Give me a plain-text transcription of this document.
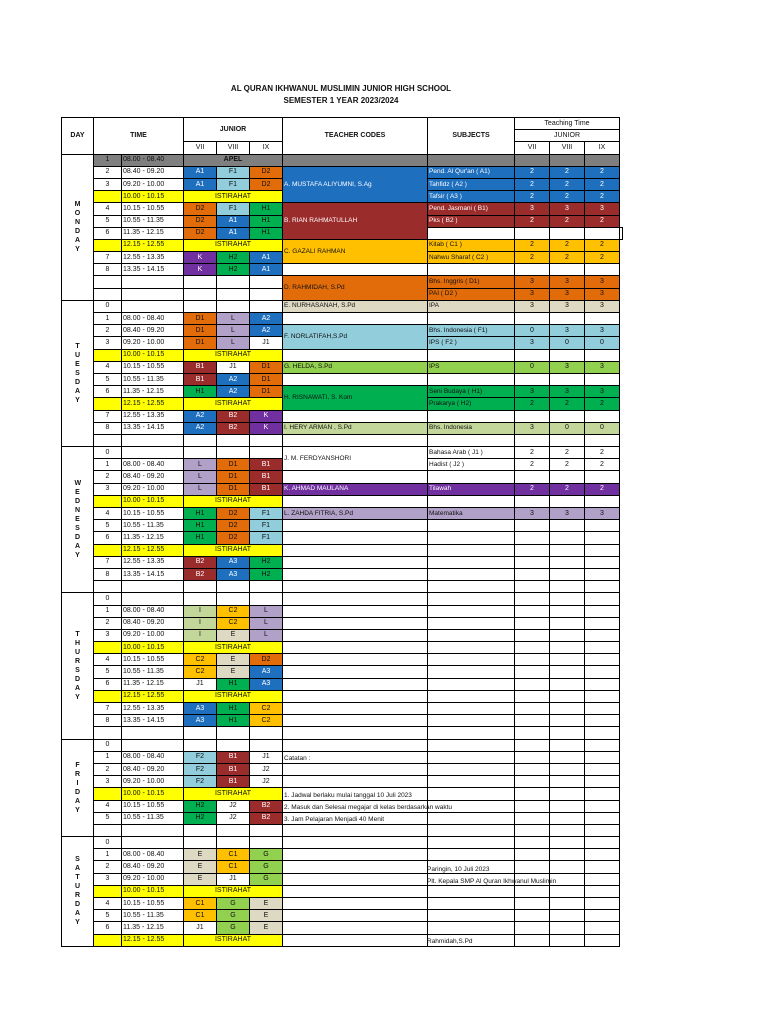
AL QURAN IKHWANUL MUSLIMIN JUNIOR HIGH SCHOOL
SEMESTER 1 YEAR 2023/2024
DAY	TIME		JUNIOR			TEACHER CODES	SUBJECTS	Teaching Time			
								JUNIOR			
			VII	VIII	IX			VII	VIII	IX	
MONDAY	1	08.00 - 08.40	APEL								
	2	08.40 - 09.20	A1	F1	D2	A. MUSTAFA ALIYUMNI, S.Ag	Pend. Al Qur'an ( A1)	2	2	2	
	3	09.20 - 10.00	A1	F1	D2		Tahfidz ( A2 )	2	2	2	
		10.00 - 10.15	ISTIRAHAT				Tafsir ( A3 )	2	2	2	
	4	10.15 - 10.55	D2	F1	H1	B. RIAN RAHMATULLAH	Pend. Jasmani ( B1)	3	3	3	
	5	10.55 - 11.35	D2	A1	H1		Pks ( B2 )	2	2	2	
	6	11.35 - 12.15	D2	A1	H1						
		12.15 - 12.55	ISTIRAHAT			C. GAZALI RAHMAN	Kitab ( C1 )	2	2	2	
	7	12.55 - 13.35	K	H2	A1		Nahwu Sharaf ( C2 )	2	2	2	
	8	13.35 - 14.15	K	H2	A1						
						D. RAHMIDAH, S.Pd	Bhs. Inggris ( D1)	3	3	3	
							PAI ( D2 )	3	3	3	
TUESDAY	0					E. NURHASANAH, S.Pd	IPA	3	3	3	
	1	08.00 - 08.40	D1	L	A2						
	2	08.40 - 09.20	D1	L	A2	F. NORLATIFAH,S.Pd	Bhs. Indonesia ( F1)	0	3	3	
	3	09.20 - 10.00	D1	L	J1		IPS ( F2 )	3	0	0	
		10.00 - 10.15	ISTIRAHAT								
	4	10.15 - 10.55	B1	J1	D1	G. HELDA, S.Pd	IPS	0	3	3	
	5	10.55 - 11.35	B1	A2	D1						
	6	11.35 - 12.15	H1	A2	D1	H. RISNAWATI, S. Kom	Seni Budaya ( H1)	3	3	3	
		12.15 - 12.55	ISTIRAHAT				Prakarya ( H2)	2	2	2	
	7	12.55 - 13.35	A2	B2	K						
	8	13.35 - 14.15	A2	B2	K	I. HERY ARMAN , S.Pd	Bhs. Indonesia	3	0	0	

WEDNESDAY	0					J. M. FERDYANSHORI	Bahasa Arab ( J1 )	2	2	2	
	1	08.00 - 08.40	L	D1	B1		Hadist ( J2 )	2	2	2	
	2	08.40 - 09.20	L	D1	B1						
	3	09.20 - 10.00	L	D1	B1	K. AHMAD MAULANA	Tilawah	2	2	2	
		10.00 - 10.15	ISTIRAHAT								
	4	10.15 - 10.55	H1	D2	F1	L. ZAHDA FITRIA, S.Pd	Matematika	3	3	3	
	5	10.55 - 11.35	H1	D2	F1						
	6	11.35 - 12.15	H1	D2	F1						
		12.15 - 12.55	ISTIRAHAT								
	7	12.55 - 13.35	B2	A3	H2						
	8	13.35 - 14.15	B2	A3	H2						

THURSDAY	0										
	1	08.00 - 08.40	I	C2	L						
	2	08.40 - 09.20	I	C2	L						
	3	09.20 - 10.00	I	E	L						
		10.00 - 10.15	ISTIRAHAT								
	4	10.15 - 10.55	C2	E	D2						
	5	10.55 - 11.35	C2	E	A3						
	6	11.35 - 12.15	J1	H1	A3						
		12.15 - 12.55	ISTIRAHAT								
	7	12.55 - 13.35	A3	H1	C2						
	8	13.35 - 14.15	A3	H1	C2						

FRIDAY	0										
	1	08.00 - 08.40	F2	B1	J1						
	2	08.40 - 09.20	F2	B1	J2						
	3	09.20 - 10.00	F2	B1	J2						
		10.00 - 10.15	ISTIRAHAT								
	4	10.15 - 10.55	H2	J2	B2						
	5	10.55 - 11.35	H2	J2	B2						

SATURDAY	0										
	1	08.00 - 08.40	E	C1	G						
	2	08.40 - 09.20	E	C1	G						
	3	09.20 - 10.00	E	J1	G						
		10.00 - 10.15	ISTIRAHAT								
	4	10.15 - 10.55	C1	G	E						
	5	10.55 - 11.35	C1	G	E						
	6	11.35 - 12.15	J1	G	E						
		12.15 - 12.55	ISTIRAHAT								
Catatan :
1. Jadwal berlaku mulai tanggal 10 Juli 2023
2. Masuk dan Selesai megajar di kelas berdasarkan waktu
3. Jam Pelajaran Menjadi 40 Menit
Paringin, 10 Juli 2023
Plt. Kepala SMP Al Quran Ikhwanul Muslimin
Rahmidah,S.Pd
